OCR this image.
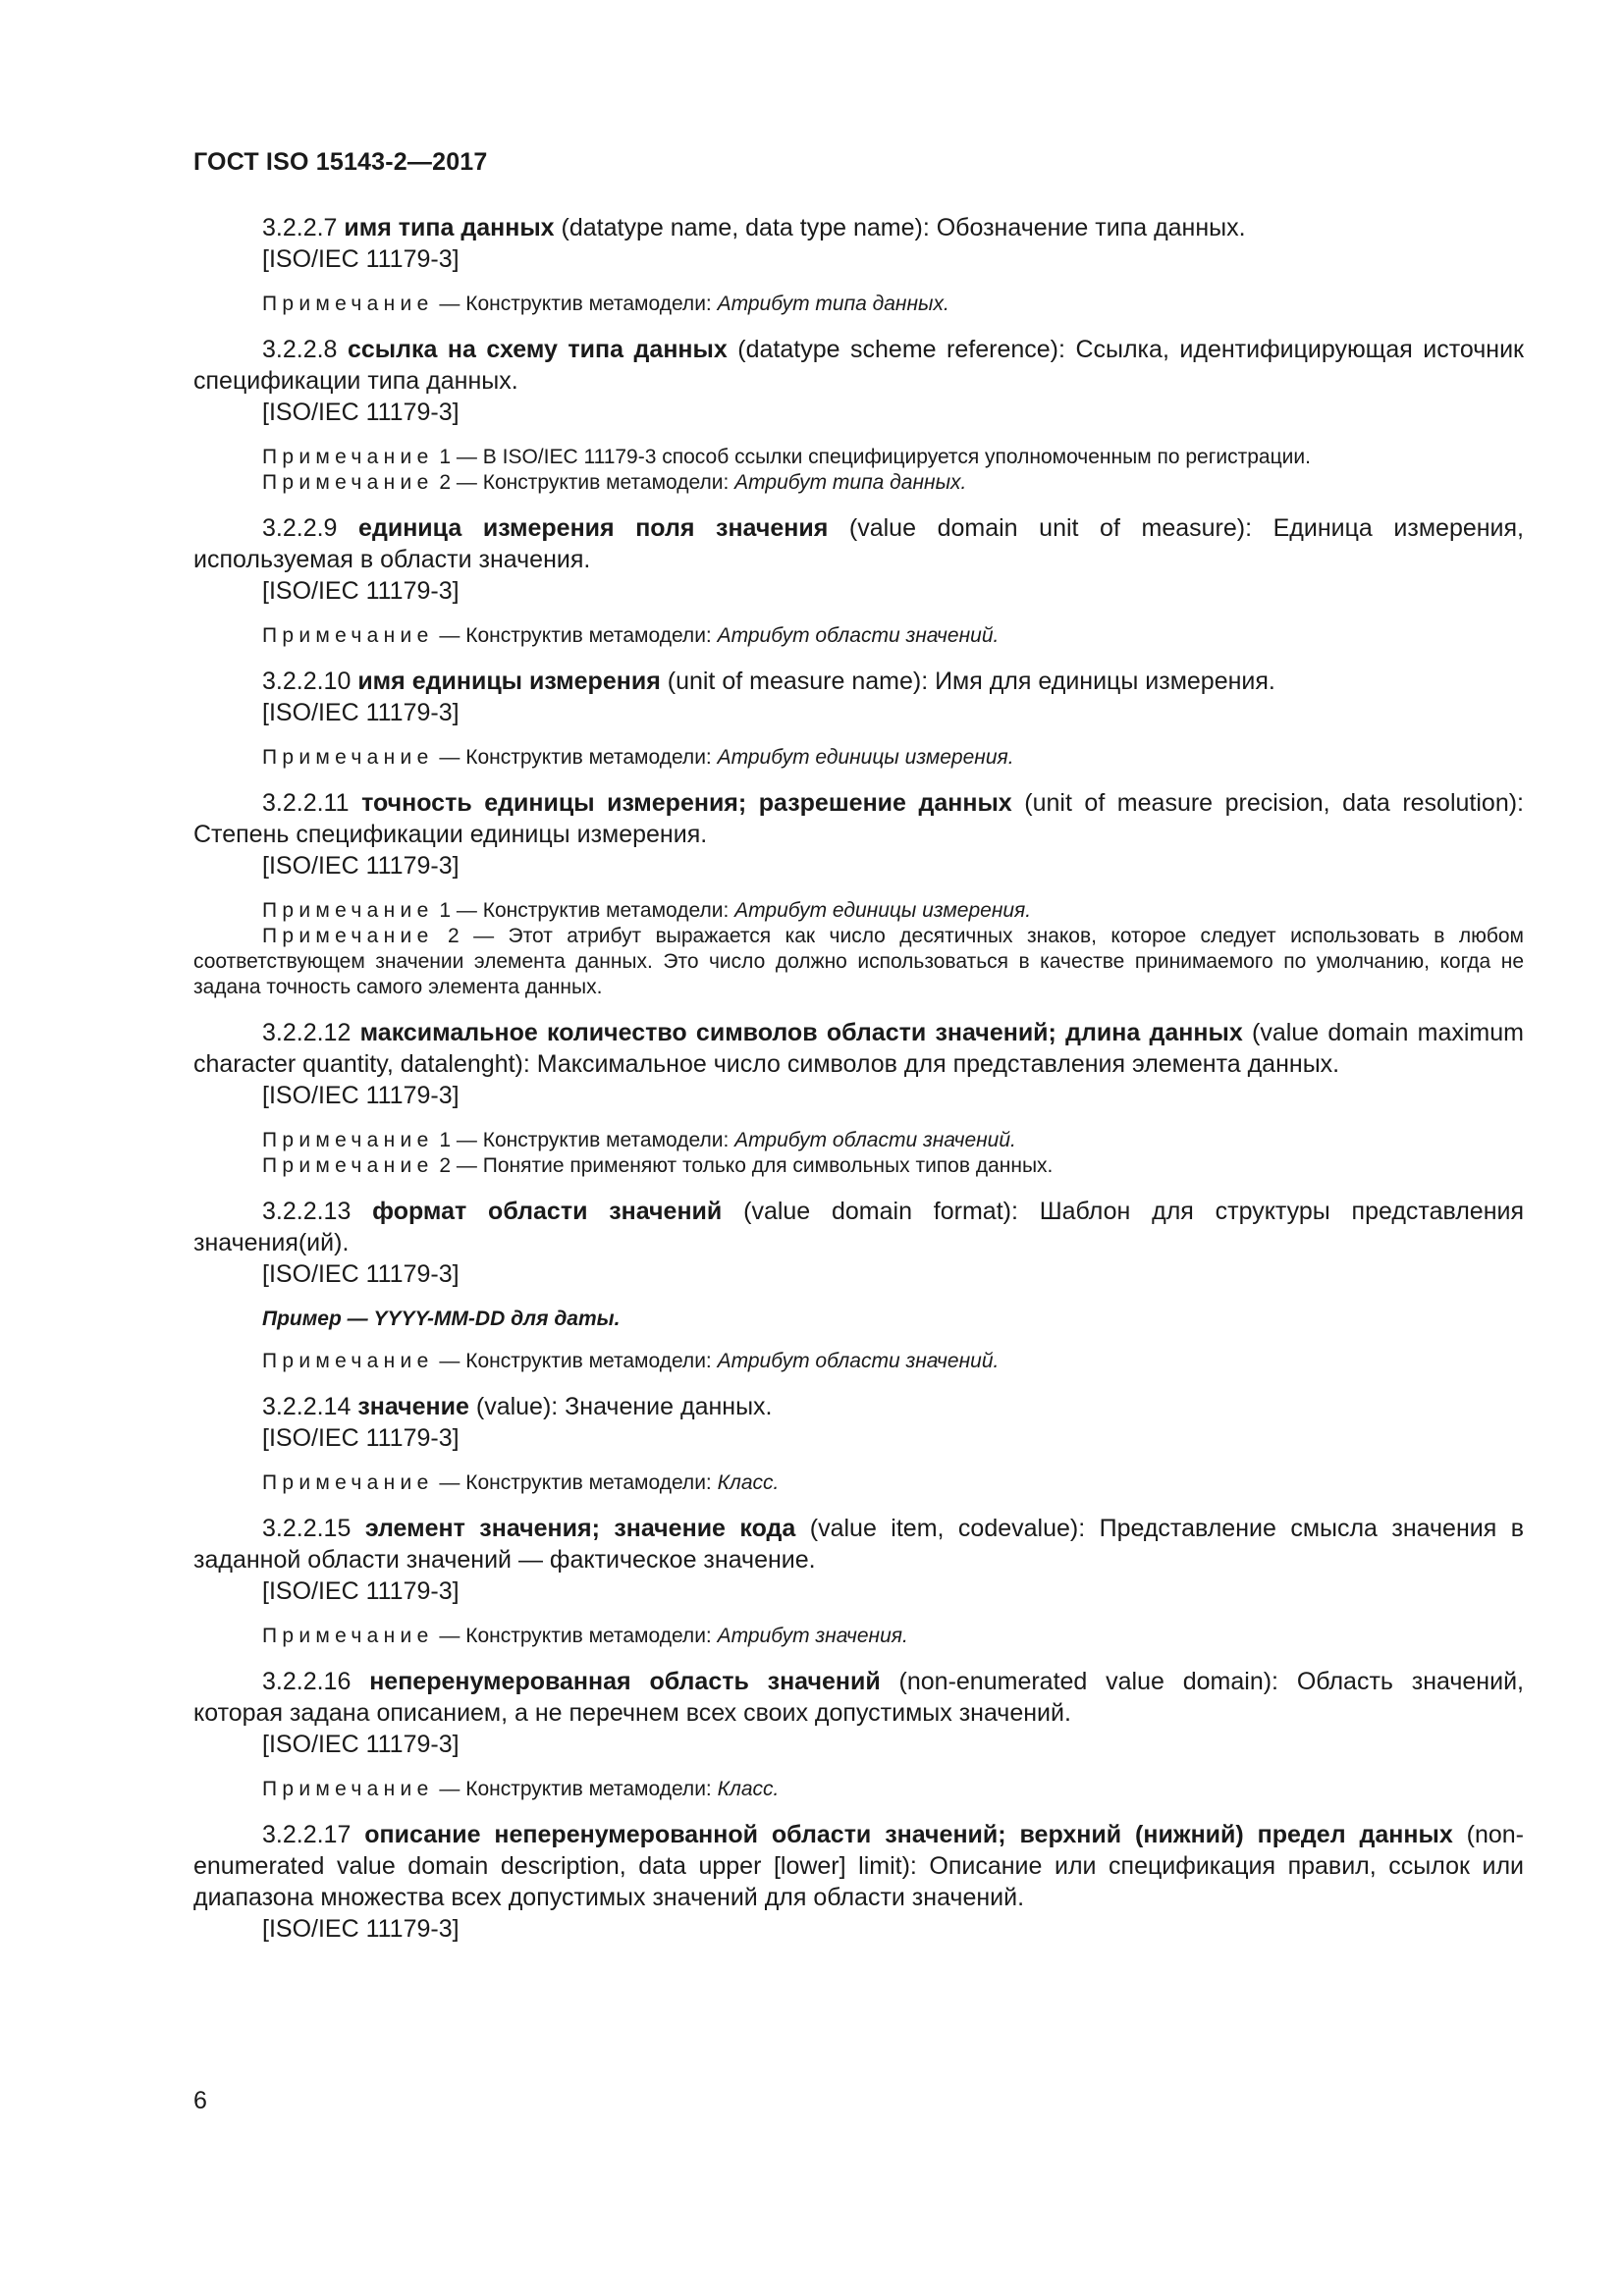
ГОСТ ISO 15143-2—2017

3.2.2.7 имя типа данных (datatype name, data type name): Обозначение типа данных.

[ISO/IEC 11179-3]

Примечание — Конструктив метамодели: Атрибут типа данных.

3.2.2.8 ссылка на схему типа данных (datatype scheme reference): Ссылка, идентифицирующая источник спецификации типа данных.

[ISO/IEC 11179-3]

Примечание 1 — В ISO/IEC 11179-3 способ ссылки специфицируется уполномоченным по регистрации.

Примечание 2 — Конструктив метамодели: Атрибут типа данных.

3.2.2.9 единица измерения поля значения (value domain unit of measure): Единица измерения, используемая в области значения.

[ISO/IEC 11179-3]

Примечание — Конструктив метамодели: Атрибут области значений.

3.2.2.10 имя единицы измерения (unit of measure name): Имя для единицы измерения.

[ISO/IEC 11179-3]

Примечание — Конструктив метамодели: Атрибут единицы измерения.

3.2.2.11 точность единицы измерения; разрешение данных (unit of measure precision, data resolution): Степень спецификации единицы измерения.

[ISO/IEC 11179-3]

Примечание 1 — Конструктив метамодели: Атрибут единицы измерения.

Примечание 2 — Этот атрибут выражается как число десятичных знаков, которое следует использовать в любом соответствующем значении элемента данных. Это число должно использоваться в качестве принимаемого по умолчанию, когда не задана точность самого элемента данных.

3.2.2.12 максимальное количество символов области значений; длина данных (value domain maximum character quantity, datalenght): Максимальное число символов для представления элемента данных.

[ISO/IEC 11179-3]

Примечание 1 — Конструктив метамодели: Атрибут области значений.

Примечание 2 — Понятие применяют только для символьных типов данных.

3.2.2.13 формат области значений (value domain format): Шаблон для структуры представления значения(ий).

[ISO/IEC 11179-3]
Пример — YYYY-MM-DD для даты.

Примечание — Конструктив метамодели: Атрибут области значений.

3.2.2.14 значение (value): Значение данных.

[ISO/IEC 11179-3]

Примечание — Конструктив метамодели: Класс.

3.2.2.15 элемент значения; значение кода (value item, codevalue): Представление смысла значения в заданной области значений — фактическое значение.

[ISO/IEC 11179-3]

Примечание — Конструктив метамодели: Атрибут значения.

3.2.2.16 неперенумерованная область значений (non-enumerated value domain): Область значений, которая задана описанием, а не перечнем всех своих допустимых значений.

[ISO/IEC 11179-3]

Примечание — Конструктив метамодели: Класс.

3.2.2.17 описание неперенумерованной области значений; верхний (нижний) предел данных (non-enumerated value domain description, data upper [lower] limit): Описание или спецификация правил, ссылок или диапазона множества всех допустимых значений для области значений.

[ISO/IEC 11179-3]
6
